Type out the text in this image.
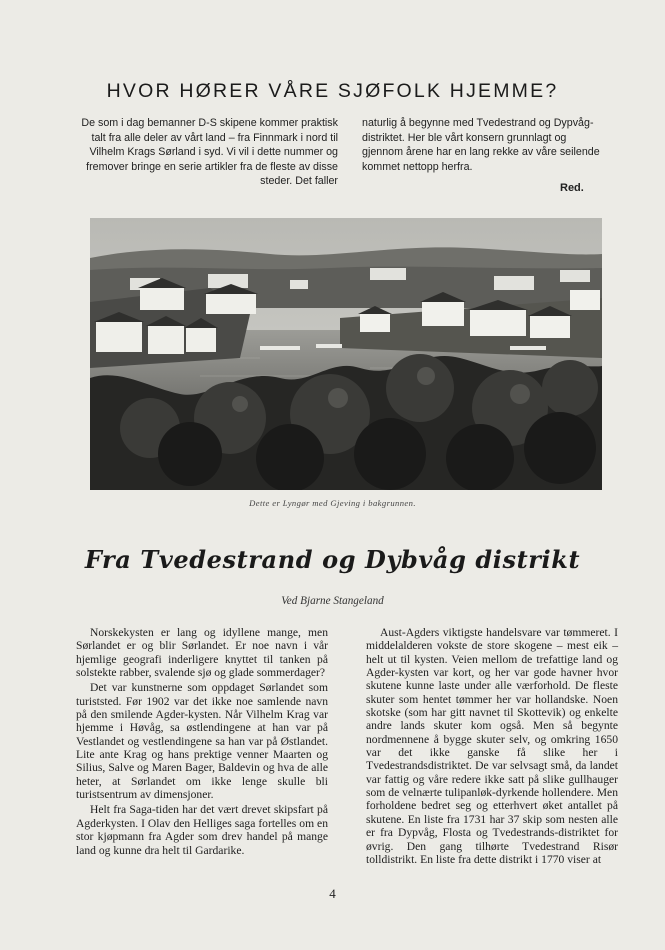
HVOR HØRER VÅRE SJØFOLK HJEMME?
De som i dag bemanner D-S skipene kommer praktisk talt fra alle deler av vårt land – fra Finnmark i nord til Vilhelm Krags Sørland i syd. Vi vil i dette nummer og fremover bringe en serie artikler fra de fleste av disse steder. Det faller
naturlig å begynne med Tvedestrand og Dypvåg-distriktet. Her ble vårt konsern grunnlagt og gjennom årene har en lang rekke av våre seilende kommet nettopp herfra.
Red.
Dette er Lyngør med Gjeving i bakgrunnen.
Fra Tvedestrand og Dybvåg distrikt
Ved Bjarne Stangeland

Norskekysten er lang og idyllene mange, men Sørlandet er og blir Sørlandet. Er noe navn i vår hjemlige geografi inderligere knyttet til tanken på solstekte rabber, svalende sjø og glade sommerdager?

Det var kunstnerne som oppdaget Sørlandet som turiststed. Før 1902 var det ikke noe samlende navn på den smilende Agder-kysten. Når Vilhelm Krag var hjemme i Høvåg, sa østlendingene at han var på Vestlandet og vestlendingene sa han var på Østlandet. Lite ante Krag og hans prektige venner Maarten og Silius, Salve og Maren Bager, Baldevin og hva de alle heter, at Sørlandet om ikke lenge skulle bli turistsentrum av dimensjoner.

Helt fra Saga-tiden har det vært drevet skipsfart på Agderkysten. I Olav den Helliges saga fortelles om en stor kjøpmann fra Agder som drev handel på mange land og kunne dra helt til Gardarike.

Aust-Agders viktigste handelsvare var tømmeret. I middelalderen vokste de store skogene – mest eik – helt ut til kysten. Veien mellom de trefattige land og Agder-kysten var kort, og her var gode havner hvor skutene kunne laste under alle værforhold. De fleste skuter som hentet tømmer her var hollandske. Noen skotske (som har gitt navnet til Skottevik) og enkelte andre lands skuter kom også. Men så begynte nordmennene å bygge skuter selv, og omkring 1650 var det ikke ganske få slike her i Tvedestrandsdistriktet. De var selvsagt små, da landet var fattig og våre redere ikke satt på slike gullhauger som de velnærte tulipanløk-dyrkende hollendere. Men forholdene bedret seg og etterhvert øket antallet på skutene. En liste fra 1731 har 37 skip som nesten alle er fra Dypvåg, Flosta og Tvedestrands-distriktet for øvrig. Den gang tilhørte Tvedestrand Risør tolldistrikt. En liste fra dette distrikt i 1770 viser at

4
